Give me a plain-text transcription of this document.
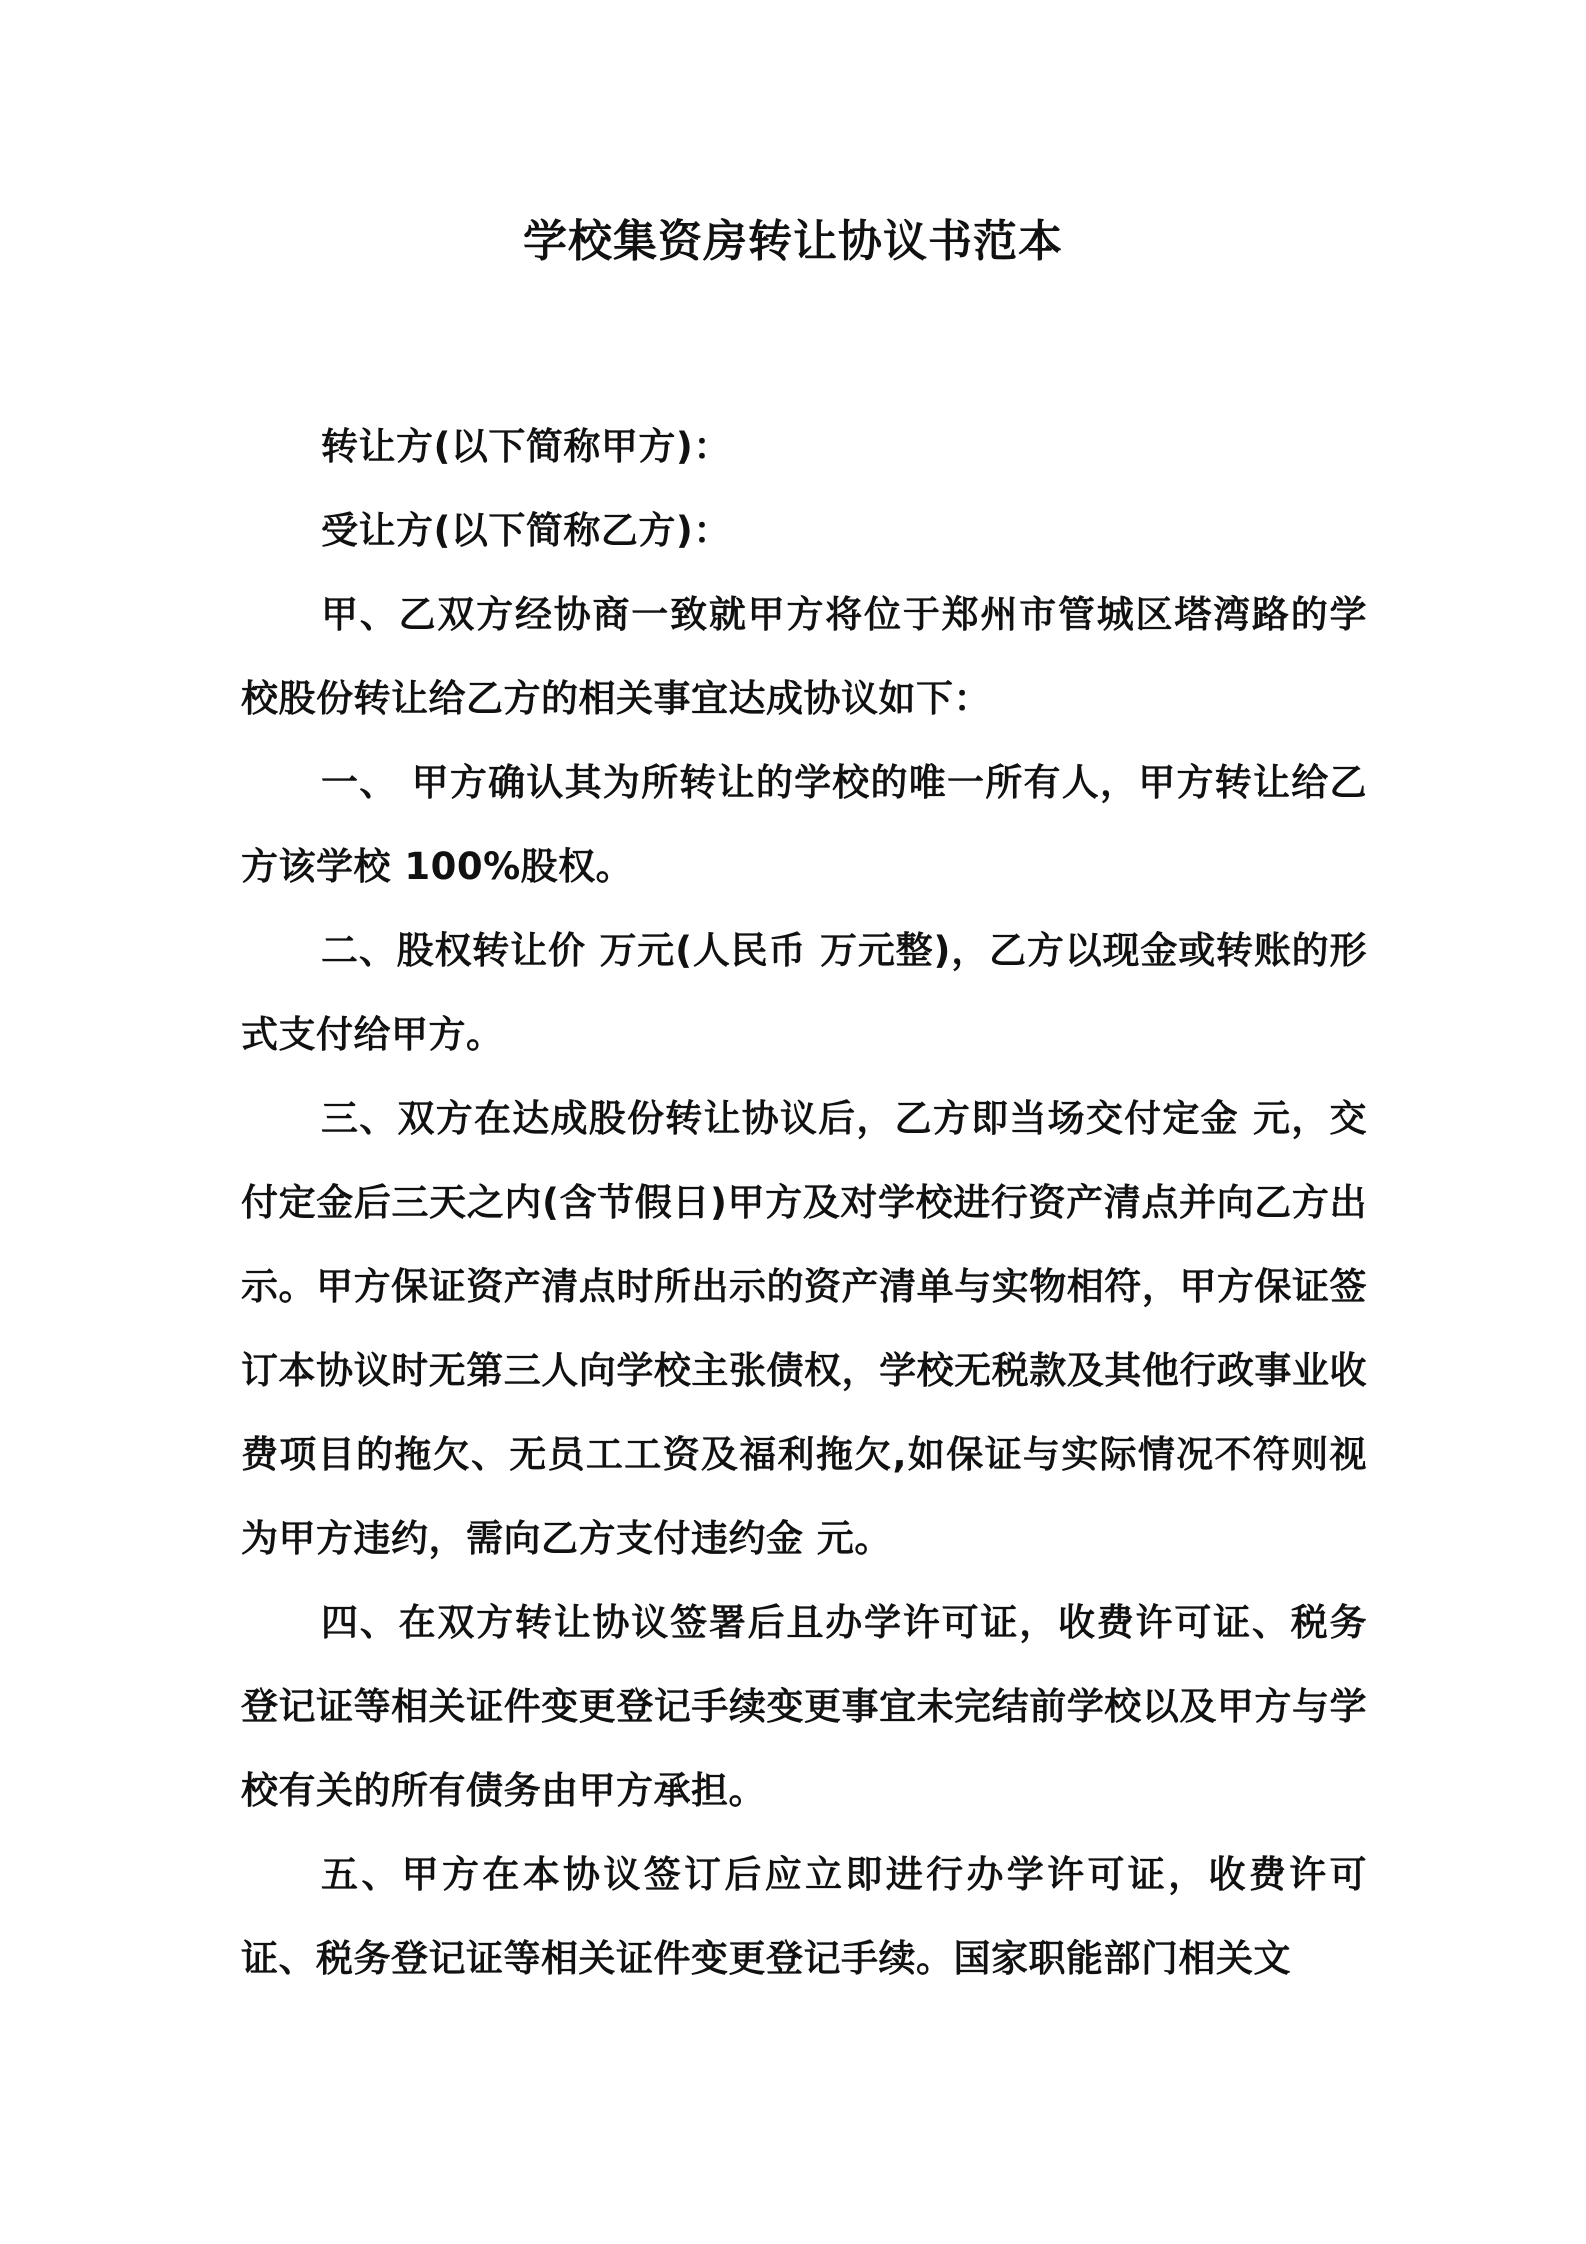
学校集资房转让协议书范本

转让方(以下简称甲方)：

受让方(以下简称乙方)：

甲、乙双方经协商一致就甲方将位于郑州市管城区塔湾路的学校股份转让给乙方的相关事宜达成协议如下：

一、 甲方确认其为所转让的学校的唯一所有人，甲方转让给乙方该学校 100%股权。

二、股权转让价 万元(人民币 万元整)，乙方以现金或转账的形式支付给甲方。

三、双方在达成股份转让协议后，乙方即当场交付定金 元，交付定金后三天之内(含节假日)甲方及对学校进行资产清点并向乙方出示。甲方保证资产清点时所出示的资产清单与实物相符，甲方保证签订本协议时无第三人向学校主张债权，学校无税款及其他行政事业收费项目的拖欠、无员工工资及福利拖欠,如保证与实际情况不符则视为甲方违约，需向乙方支付违约金 元。

四、在双方转让协议签署后且办学许可证，收费许可证、税务登记证等相关证件变更登记手续变更事宜未完结前学校以及甲方与学校有关的所有债务由甲方承担。

五、甲方在本协议签订后应立即进行办学许可证，收费许可证、税务登记证等相关证件变更登记手续。国家职能部门相关文
